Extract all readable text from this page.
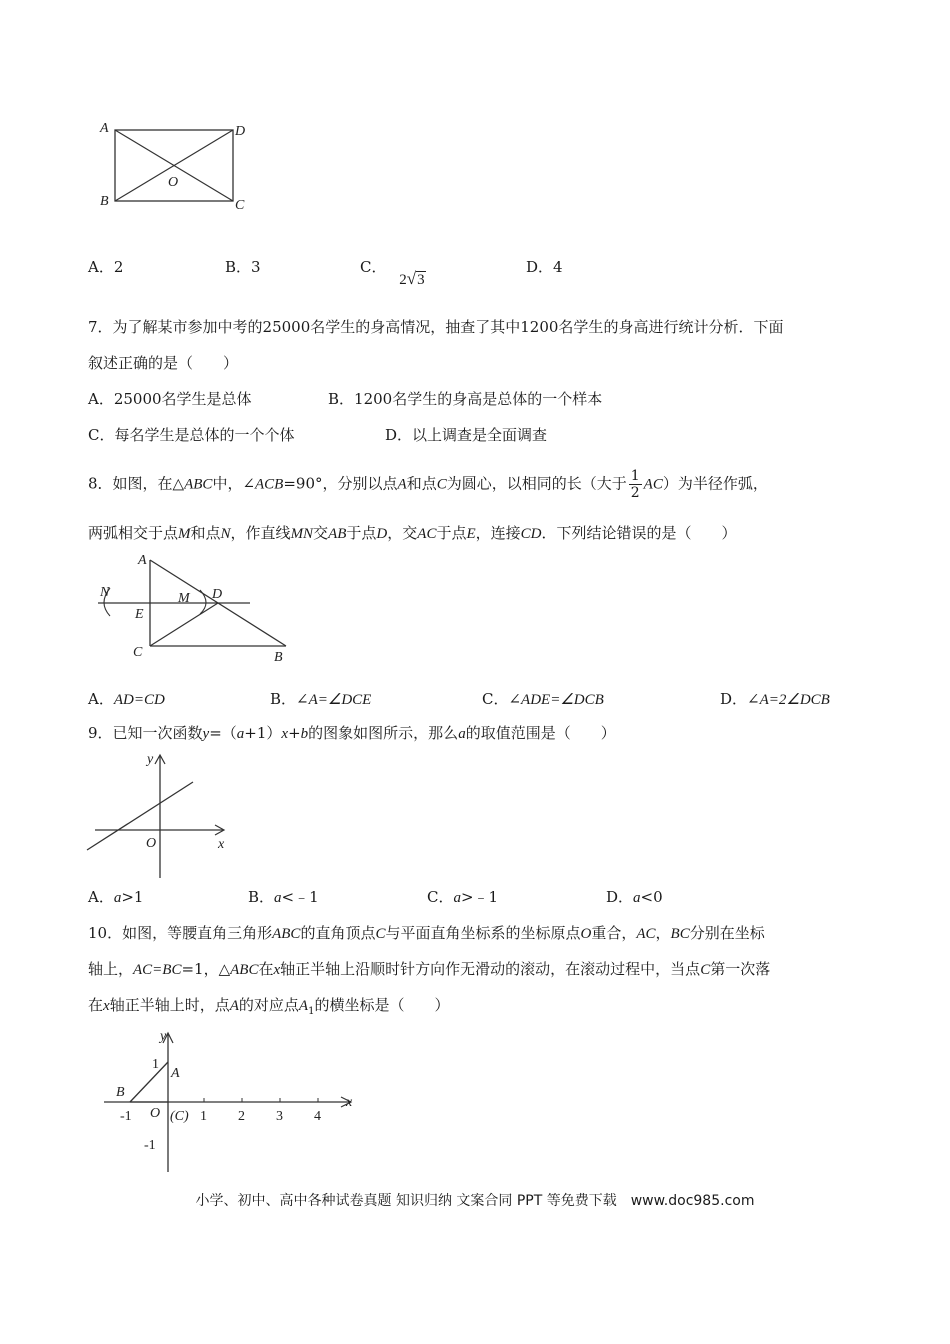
A	D
B	C
O
A．2	B．3	C． 2√3
D．4
7．为了解某市参加中考的25000名学生的身高情况，抽查了其中1200名学生的身高进行统计分析．下面
叙述正确的是（　　）
A．25000名学生是总体	B．1200名学生的身高是总体的一个样本
C．每名学生是总体的一个个体	D．以上调查是全面调查
8．如图，在△ABC中，∠ACB=90°，分别以点A和点C为圆心，以相同的长（大于 $\frac{1}{2} AC$）为半径作弧，
两弧相交于点M和点N，作直线MN交AB于点D，交AC于点E，连接CD．下列结论错误的是（　　）
A
N
E
M D
C	B
A．AD=CD	B．∠A=∠DCE	C．∠ADE=∠DCB	D．∠A=2∠DCB
9．已知一次函数y=（a+1）x+b的图象如图所示，那么a的取值范围是（　　）
y
x
O
A．a>1	B．a<﹣1	C．a>﹣1	D．a<0
10．如图，等腰直角三角形ABC的直角顶点C与平面直角坐标系的坐标原点O重合，AC，BC分别在坐标
轴上，AC=BC=1，△ABC在x轴正半轴上沿顺时针方向作无滑动的滚动，在滚动过程中，当点C第一次落
在x轴正半轴上时，点A的对应点$A_1$的横坐标是（　　）
y
x
1
A
B
-1 O (C) 1 2 3 4
-1
小学、初中、高中各种试卷真题 知识归纳 文案合同 PPT 等免费下载　www.doc985.com
